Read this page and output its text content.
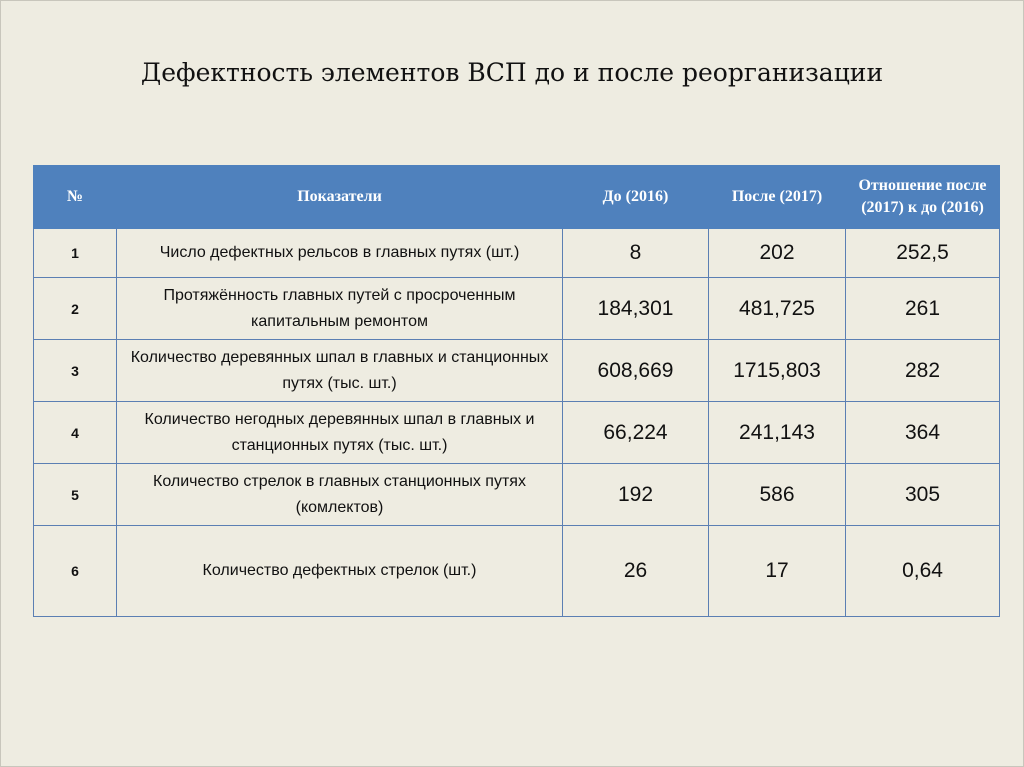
Дефектность элементов ВСП до и после реорганизации
№	Показатели	До (2016)	После (2017)	Отношение после (2017) к до (2016)
1	Число дефектных рельсов в главных путях (шт.)	8	202	252,5
2	Протяжённость главных путей с просроченным капитальным ремонтом	184,301	481,725	261
3	Количество деревянных шпал в главных и станционных путях (тыс. шт.)	608,669	1715,803	282
4	Количество негодных деревянных шпал в главных и станционных путях (тыс. шт.)	66,224	241,143	364
5	Количество стрелок в главных станционных путях (комлектов)	192	586	305
6	Количество дефектных стрелок (шт.)	26	17	0,64
